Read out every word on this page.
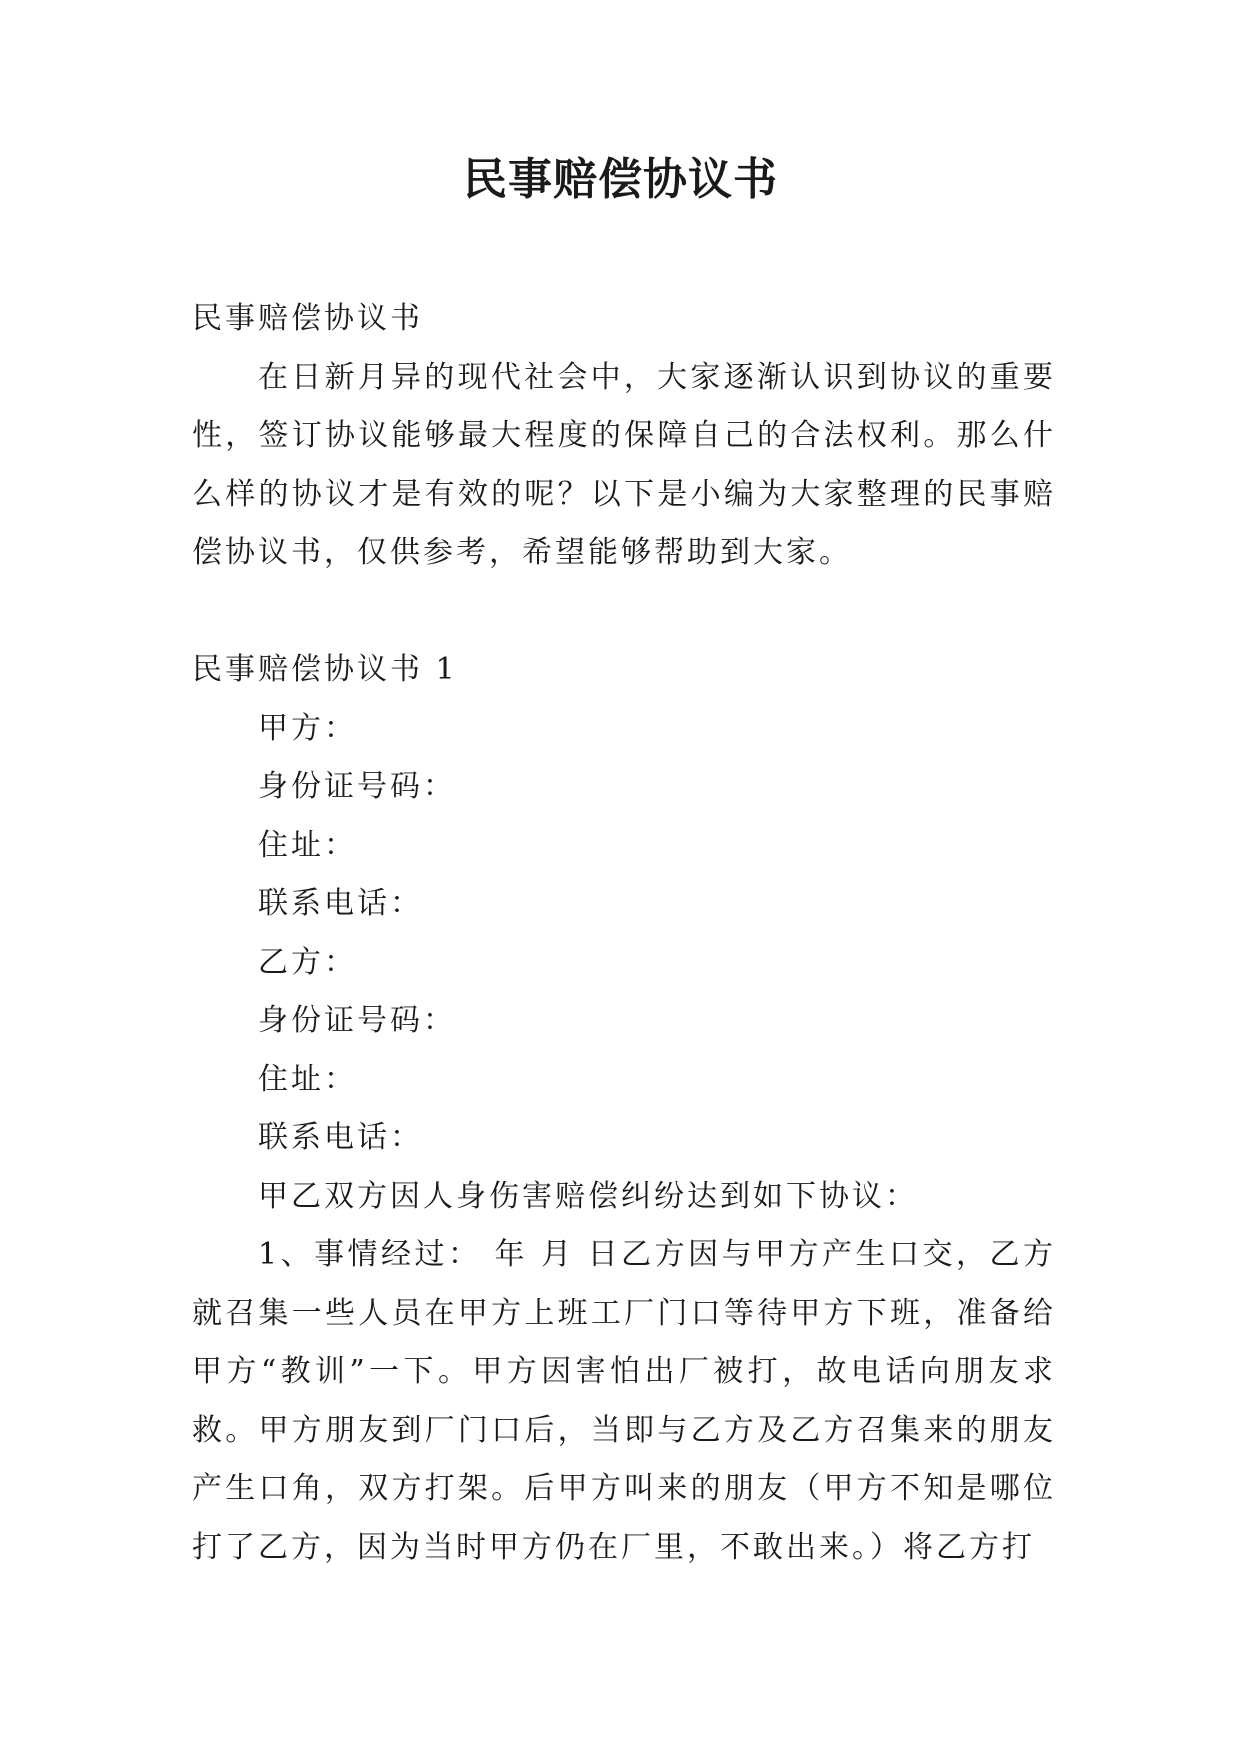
民事赔偿协议书

民事赔偿协议书

在日新月异的现代社会中，大家逐渐认识到协议的重要性，签订协议能够最大程度的保障自己的合法权利。那么什么样的协议才是有效的呢？以下是小编为大家整理的民事赔偿协议书，仅供参考，希望能够帮助到大家。

民事赔偿协议书 1

甲方：

身份证号码：

住址：

联系电话：

乙方：

身份证号码：

住址：

联系电话：

甲乙双方因人身伤害赔偿纠纷达到如下协议：

1、事情经过： 年 月 日乙方因与甲方产生口交，乙方就召集一些人员在甲方上班工厂门口等待甲方下班，准备给甲方“教训”一下。甲方因害怕出厂被打，故电话向朋友求救。甲方朋友到厂门口后，当即与乙方及乙方召集来的朋友产生口角，双方打架。后甲方叫来的朋友（甲方不知是哪位打了乙方，因为当时甲方仍在厂里，不敢出来。）将乙方打
